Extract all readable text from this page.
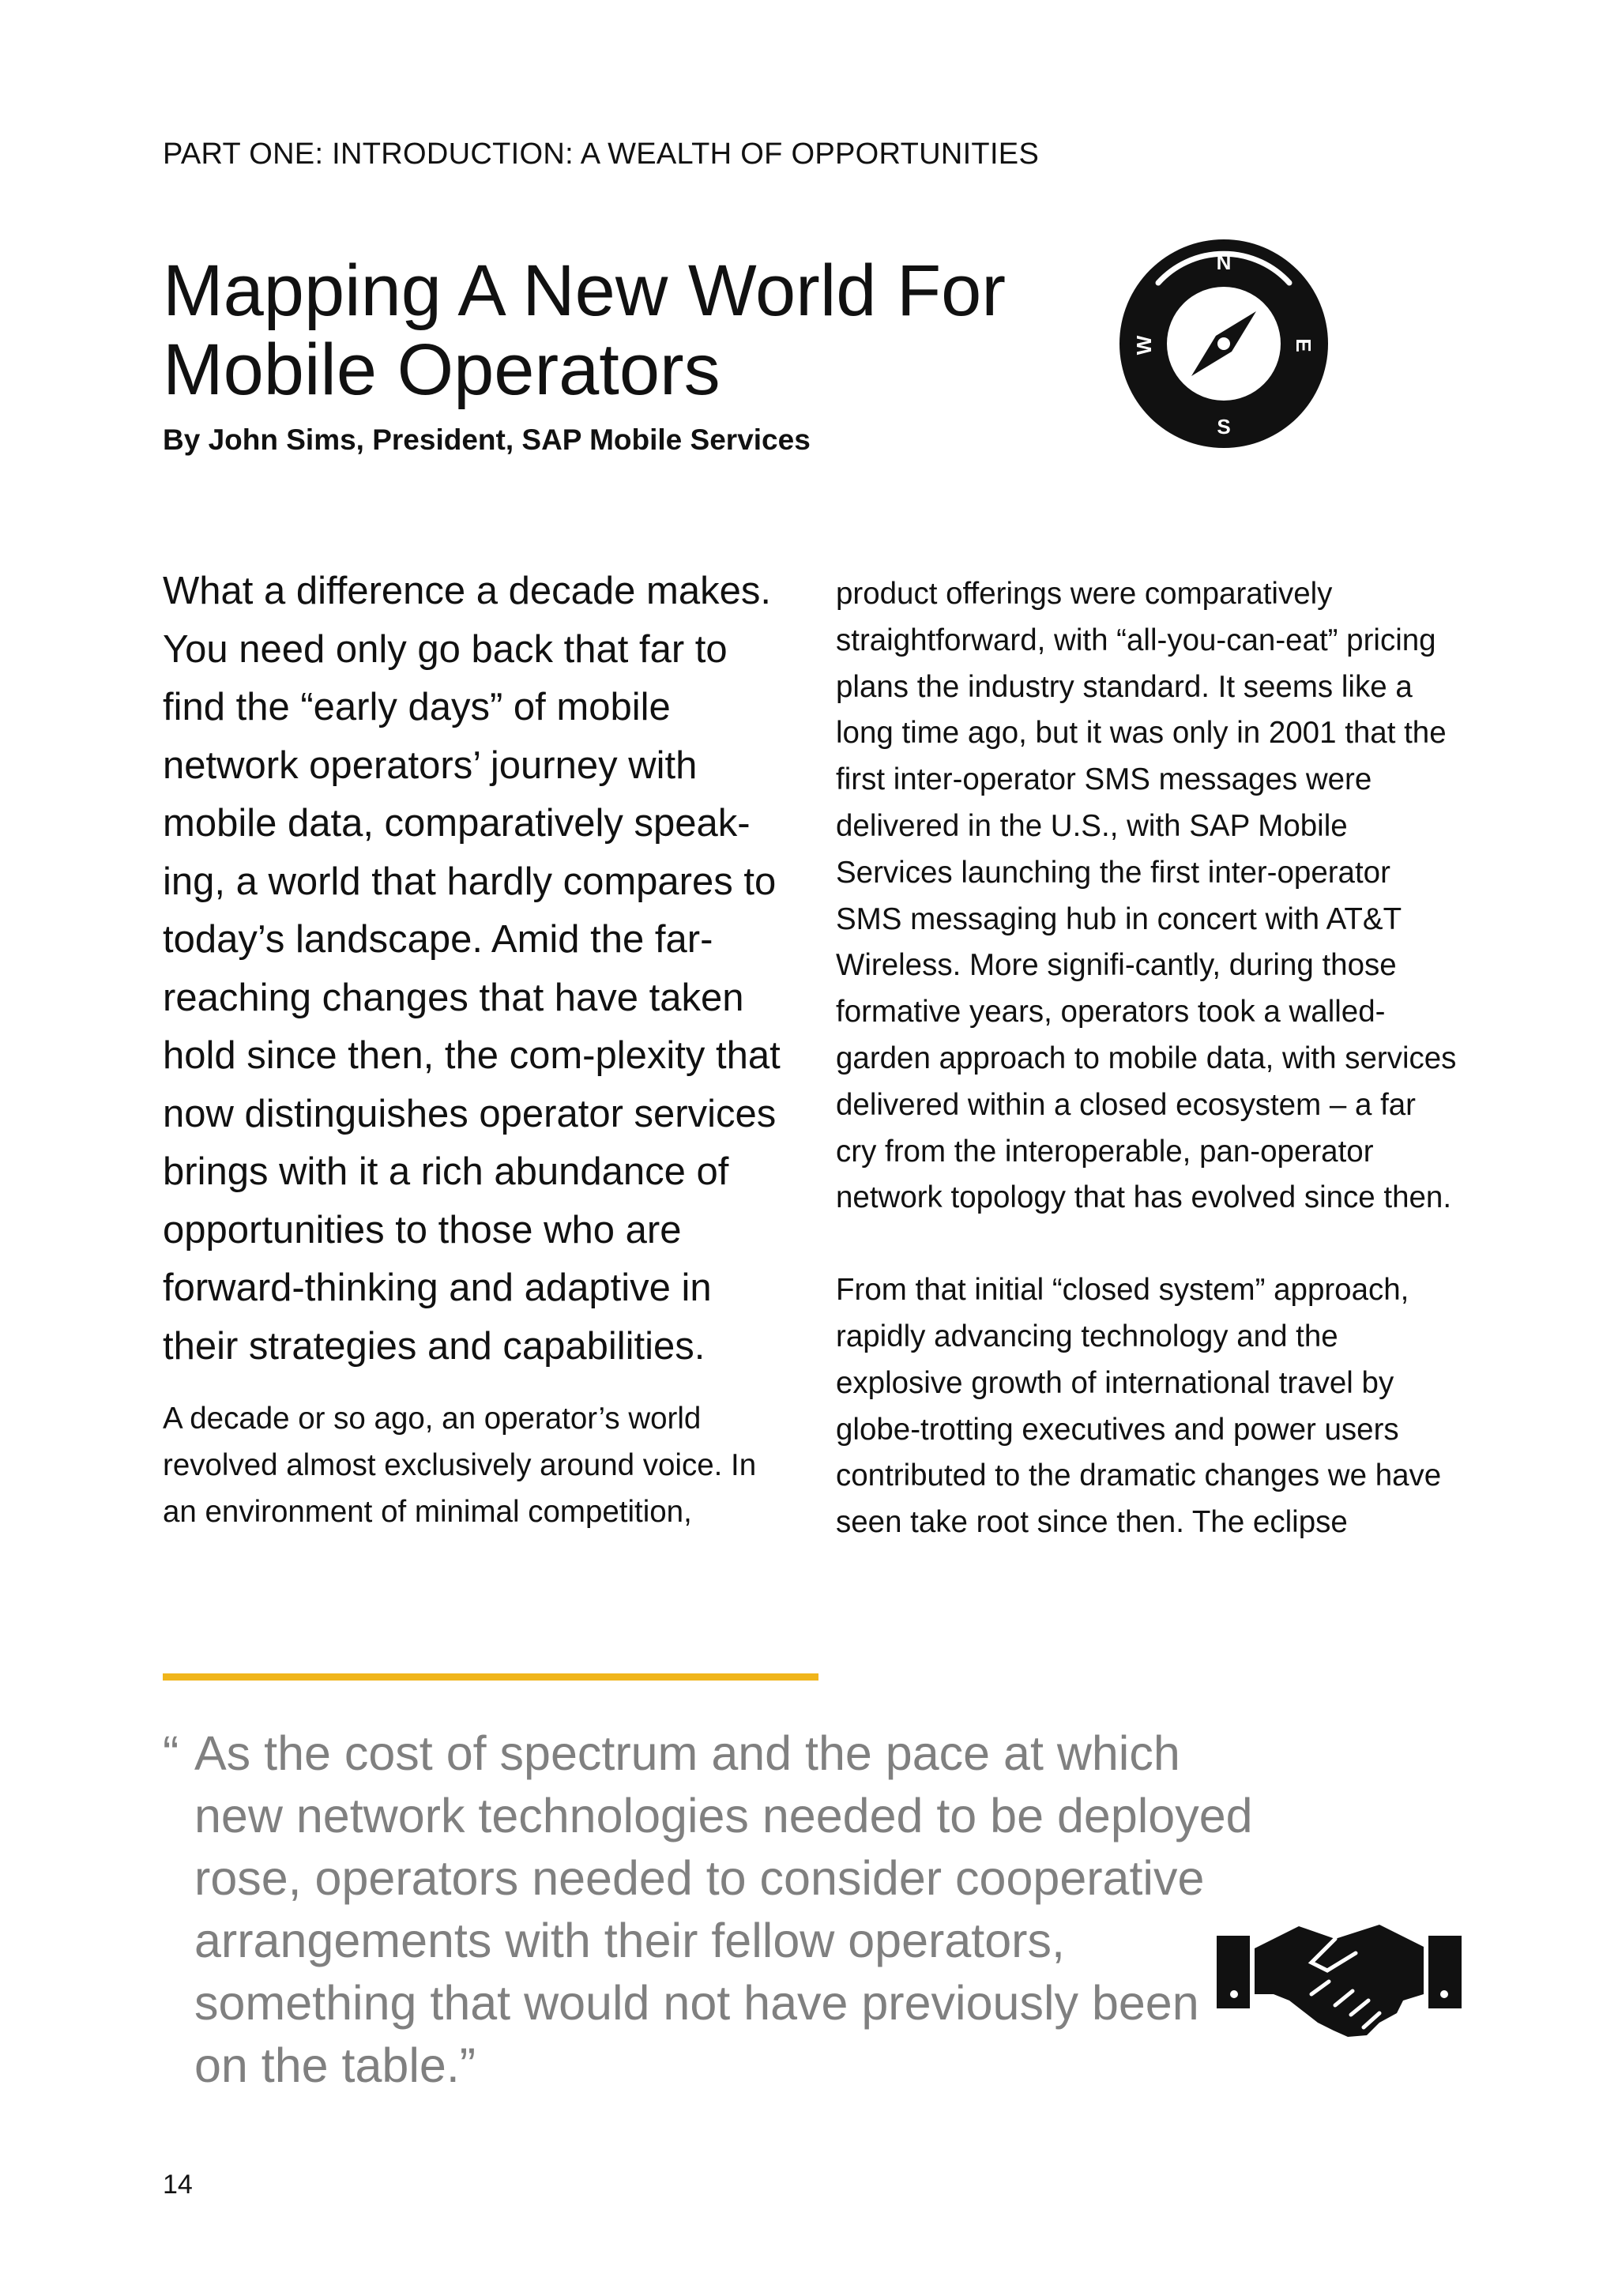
PART ONE: INTRODUCTION: A WEALTH OF OPPORTUNITIES
Mapping A New World For Mobile Operators
By John Sims, President, SAP Mobile Services
N
E
S
W

What a difference a decade makes. You need only go back that far to find the “early days” of mobile network operators’ journey with mobile data, comparatively speak-ing, a world that hardly compares to today’s landscape. Amid the far-reaching changes that have taken hold since then, the com-plexity that now distinguishes operator services brings with it a rich abundance of opportunities to those who are forward-thinking and adaptive in their strategies and capabilities.

A decade or so ago, an operator’s world revolved almost exclusively around voice. In an environment of minimal competition,

product offerings were comparatively straightforward, with “all-you-can-eat” pricing plans the industry standard. It seems like a long time ago, but it was only in 2001 that the first inter-operator SMS messages were delivered in the U.S., with SAP Mobile Services launching the first inter-operator SMS messaging hub in concert with AT&T Wireless. More signifi-cantly, during those formative years, operators took a walled-garden approach to mobile data, with services delivered within a closed ecosystem – a far cry from the interoperable, pan-operator network topology that has evolved since then.

From that initial “closed system” approach, rapidly advancing technology and the explosive growth of international travel by globe-trotting executives and power users contributed to the dramatic changes we have seen take root since then. The eclipse

“ As the cost of spectrum and the pace at which new network technologies needed to be deployed rose, operators needed to consider cooperative arrangements with their fellow operators, something that would not have previously been on the table.”
14
